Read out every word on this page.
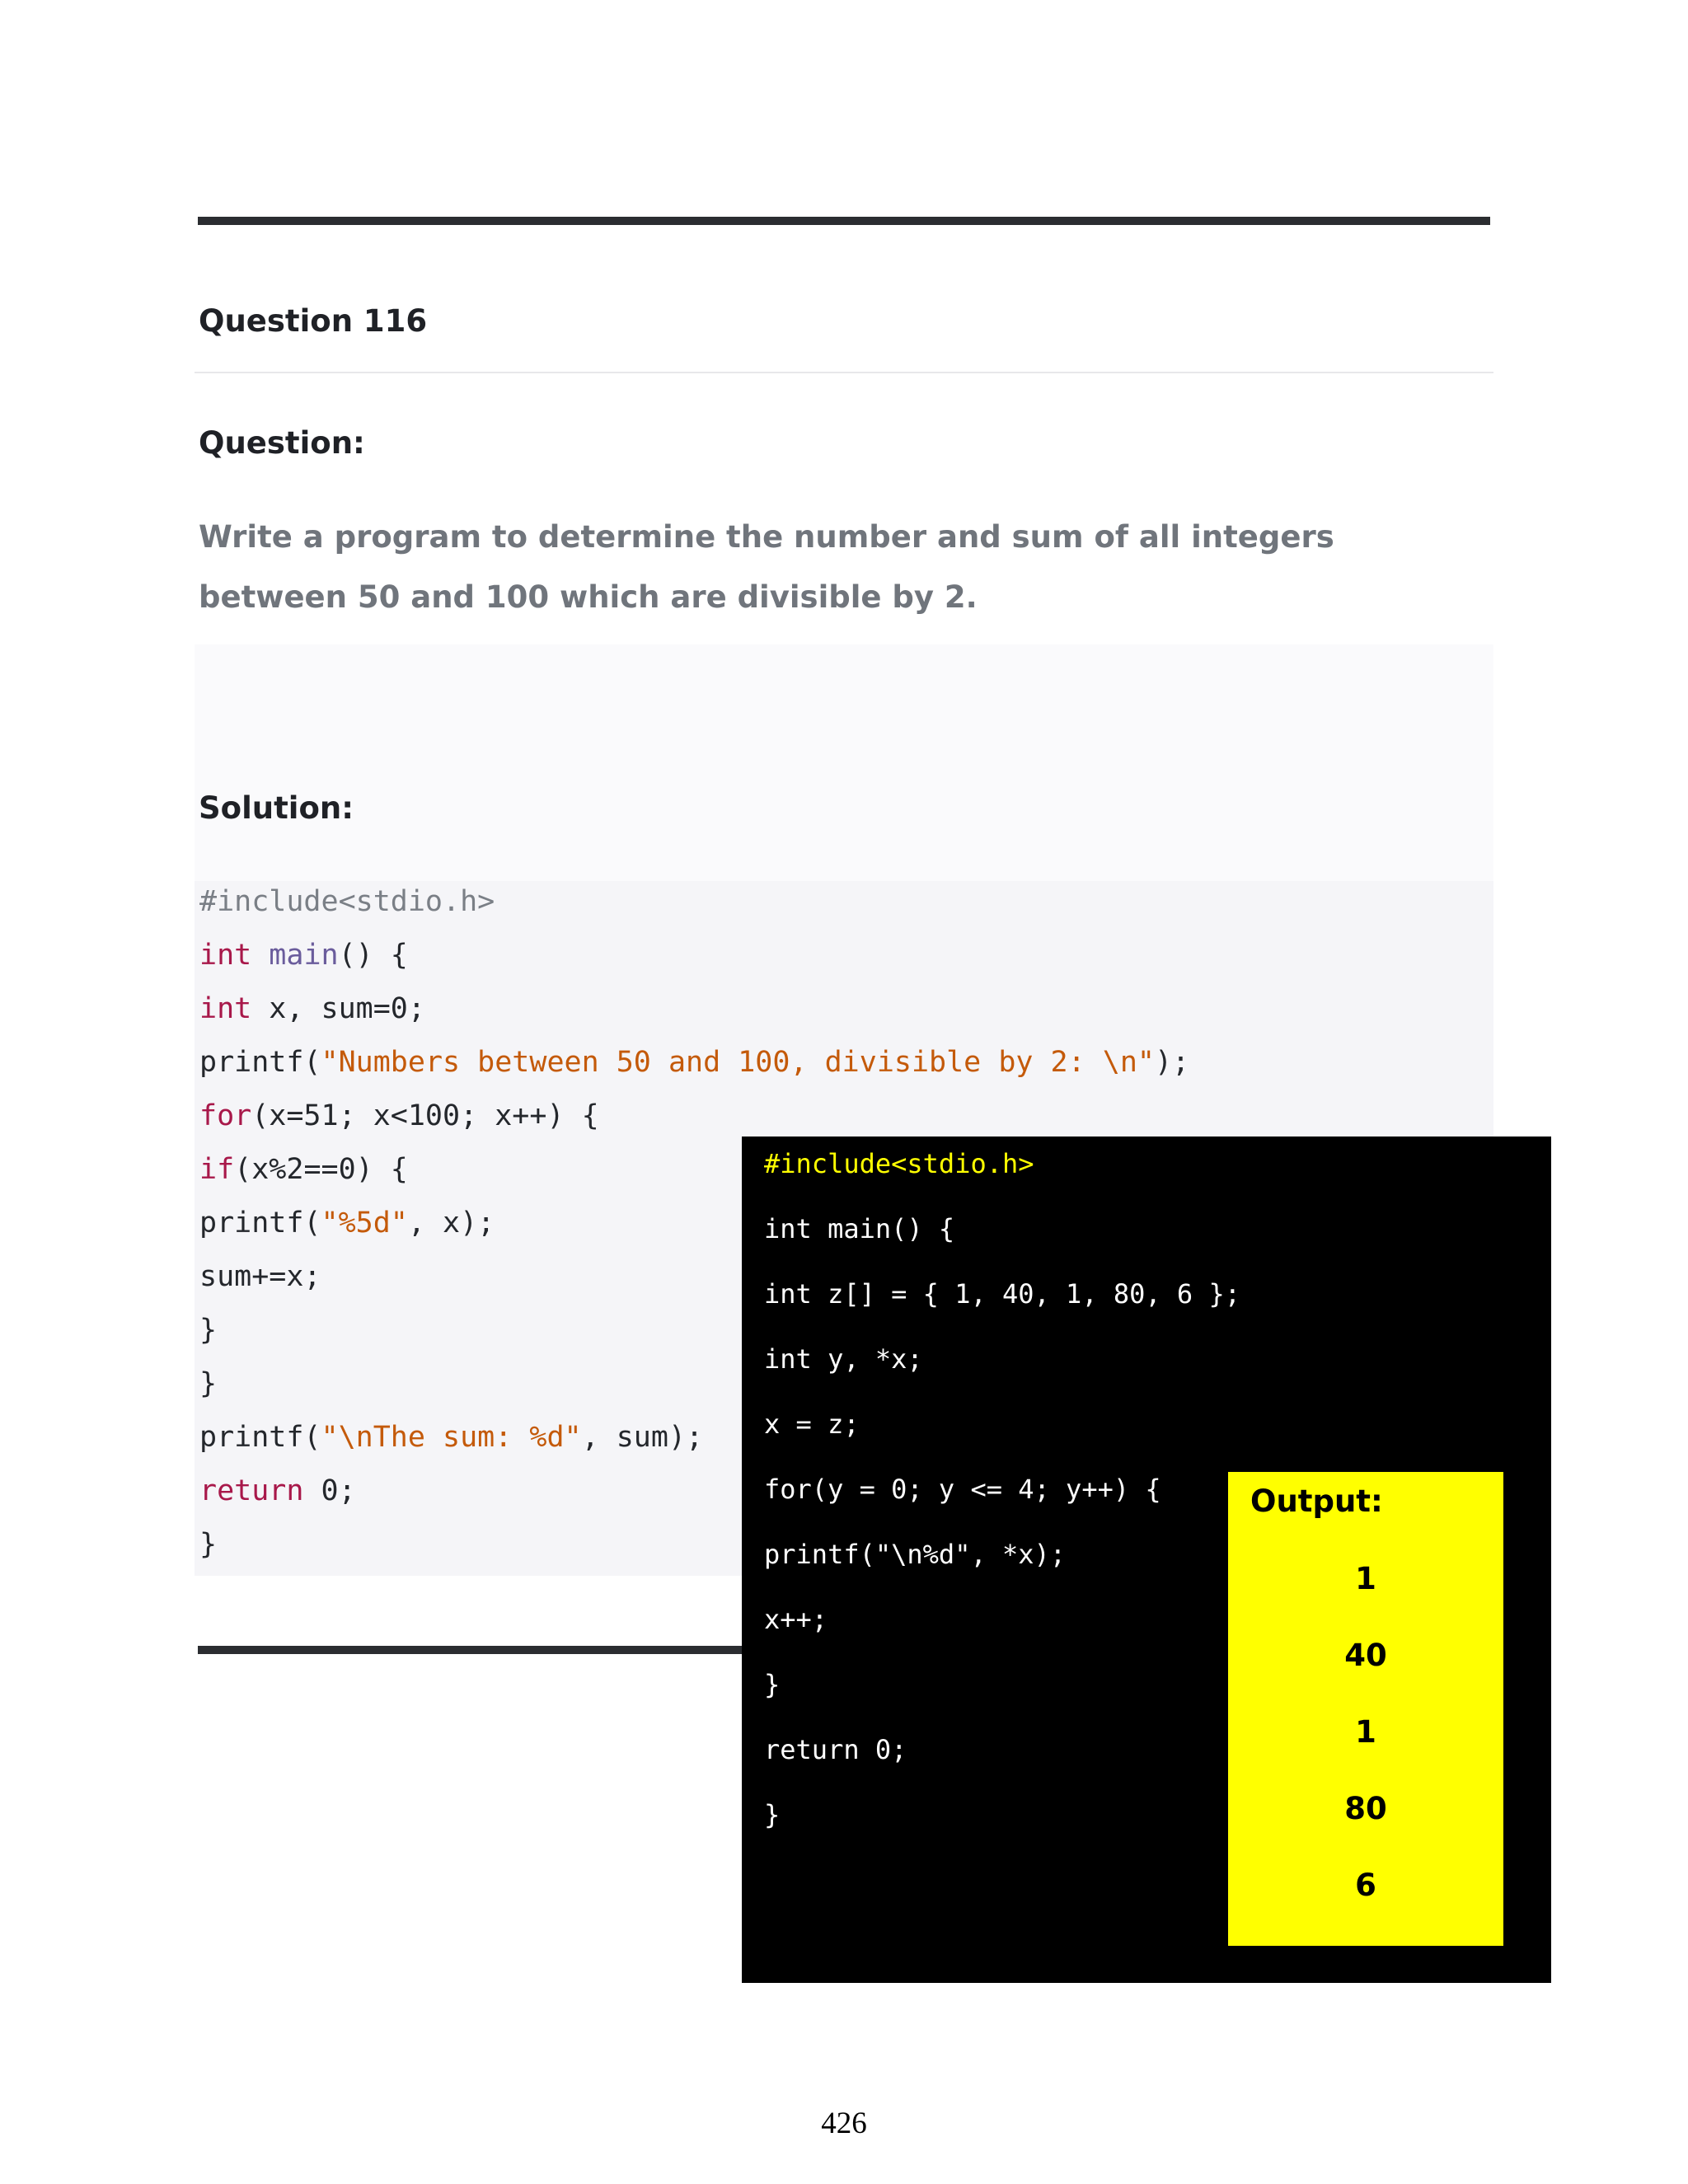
Question 116
Question:

Write a program to determine the number and sum of all integers between 50 and 100 which are divisible by 2.

Solution:
#include<stdio.h>
int main() {
int x, sum=0;
printf("Numbers between 50 and 100, divisible by 2: \n");
for(x=51; x<100; x++) {
if(x%2==0) {
printf("%5d", x);
sum+=x;
}
}
printf("\nThe sum: %d", sum);
return 0;
}
#include<stdio.h>
int main() {
int z[] = { 1, 40, 1, 80, 6 };
int y, *x;
x = z;
for(y = 0; y <= 4; y++) {
printf("\n%d", *x);
x++;
}
return 0;
}

Output:

1

40

1

80

6

426
